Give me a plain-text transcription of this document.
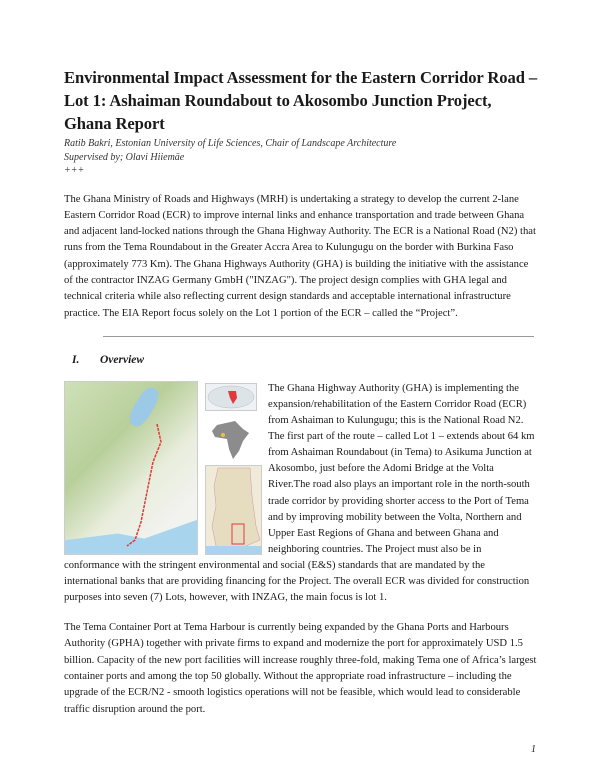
Environmental Impact Assessment for the Eastern Corridor Road – Lot 1: Ashaiman Roundabout to Akosombo Junction Project, Ghana Report
Ratib Bakri, Estonian University of Life Sciences, Chair of Landscape Architecture
Supervised by; Olavi Hiiemäe
+++

The Ghana Ministry of Roads and Highways (MRH) is undertaking a strategy to develop the current 2-lane Eastern Corridor Road (ECR) to improve internal links and enhance transportation and trade between Ghana and adjacent land-locked nations through the Ghana Highway Authority. The ECR is a National Road (N2) that runs from the Tema Roundabout in the Greater Accra Area to Kulungugu on the border with Burkina Faso (approximately 773 Km). The Ghana Highways Authority (GHA) is building the initiative with the assistance of the contractor INZAG Germany GmbH ("INZAG"). The project design complies with GHA legal and technical criteria while also reflecting current design standards and acceptable international infrastructure practice. The EIA Report focus solely on the Lot 1 portion of the ECR – called the “Project”.

I. Overview
The Ghana Highway Authority (GHA) is implementing the expansion/rehabilitation of the Eastern Corridor Road (ECR) from Ashaiman to Kulungugu; this is the National Road N2. The first part of the route – called Lot 1 – extends about 64 km from Ashaiman Roundabout (in Tema) to Asikuma Junction at Akosombo, just before the Adomi Bridge at the Volta River.The road also plays an important role in the north-south trade corridor by providing shorter access to the Port of Tema and by improving mobility between the Volta, Northern and Upper East Regions of Ghana and between Ghana and neighboring countries. The Project must also be in conformance with the stringent environmental and social (E&S) standards that are mandated by the international banks that are providing financing for the Project. The overall ECR was divided for construction purposes into seven (7) Lots, however, with INZAG, the main focus is lot 1.

The Tema Container Port at Tema Harbour is currently being expanded by the Ghana Ports and Harbours Authority (GPHA) together with private firms to expand and modernize the port for approximately USD 1.5 billion. Capacity of the new port facilities will increase roughly three-fold, making Tema one of Africa’s largest container ports and among the top 50 globally. Without the appropriate road infrastructure – including the upgrade of the ECR/N2 - smooth logistics operations will not be feasible, which would lead to considerable traffic disruption around the port.

1
